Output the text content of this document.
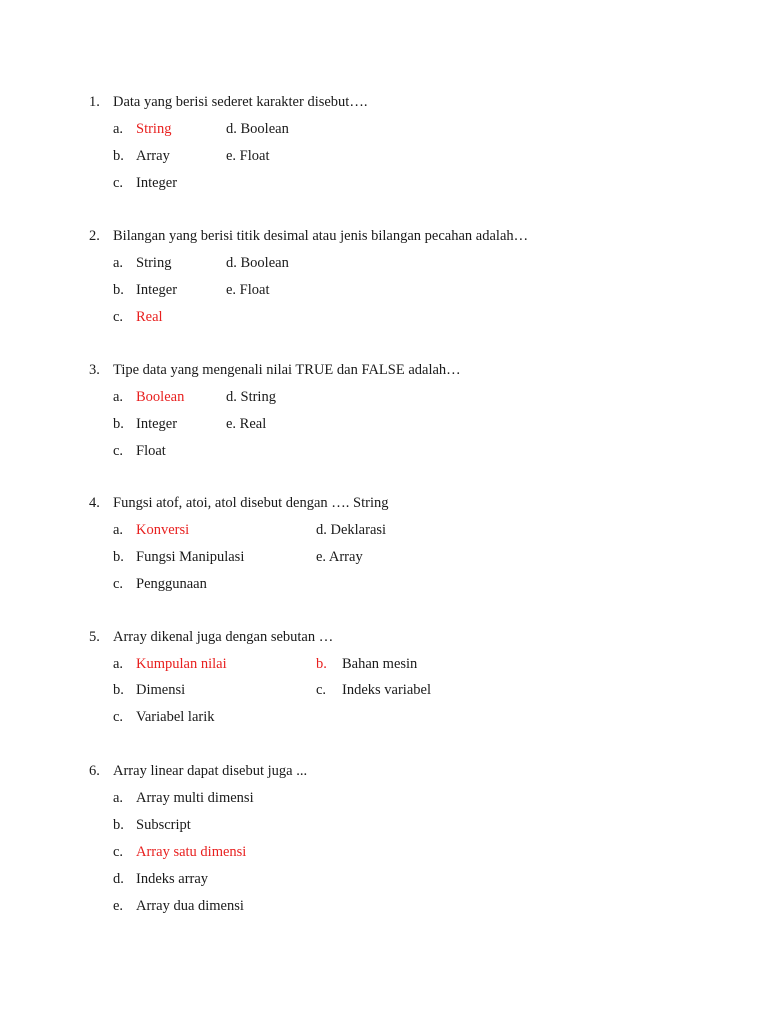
1. Data yang berisi sederet karakter disebut….
a. String	d. Boolean
b. Array	e. Float
c. Integer
2. Bilangan yang berisi titik desimal atau jenis bilangan pecahan adalah…
a. String	d. Boolean
b. Integer	e. Float
c. Real
3. Tipe data yang mengenali nilai TRUE dan FALSE adalah…
a. Boolean	d. String
b. Integer	e. Real
c. Float
4. Fungsi atof, atoi, atol disebut dengan …. String
a. Konversi	d. Deklarasi
b. Fungsi Manipulasi	e. Array
c. Penggunaan
5. Array dikenal juga dengan sebutan …
a. Kumpulan nilai	b. Bahan mesin
b. Dimensi	c. Indeks variabel
c. Variabel larik
6. Array linear dapat disebut juga ...
a. Array multi dimensi
b. Subscript
c. Array satu dimensi
d. Indeks array
e. Array dua dimensi
